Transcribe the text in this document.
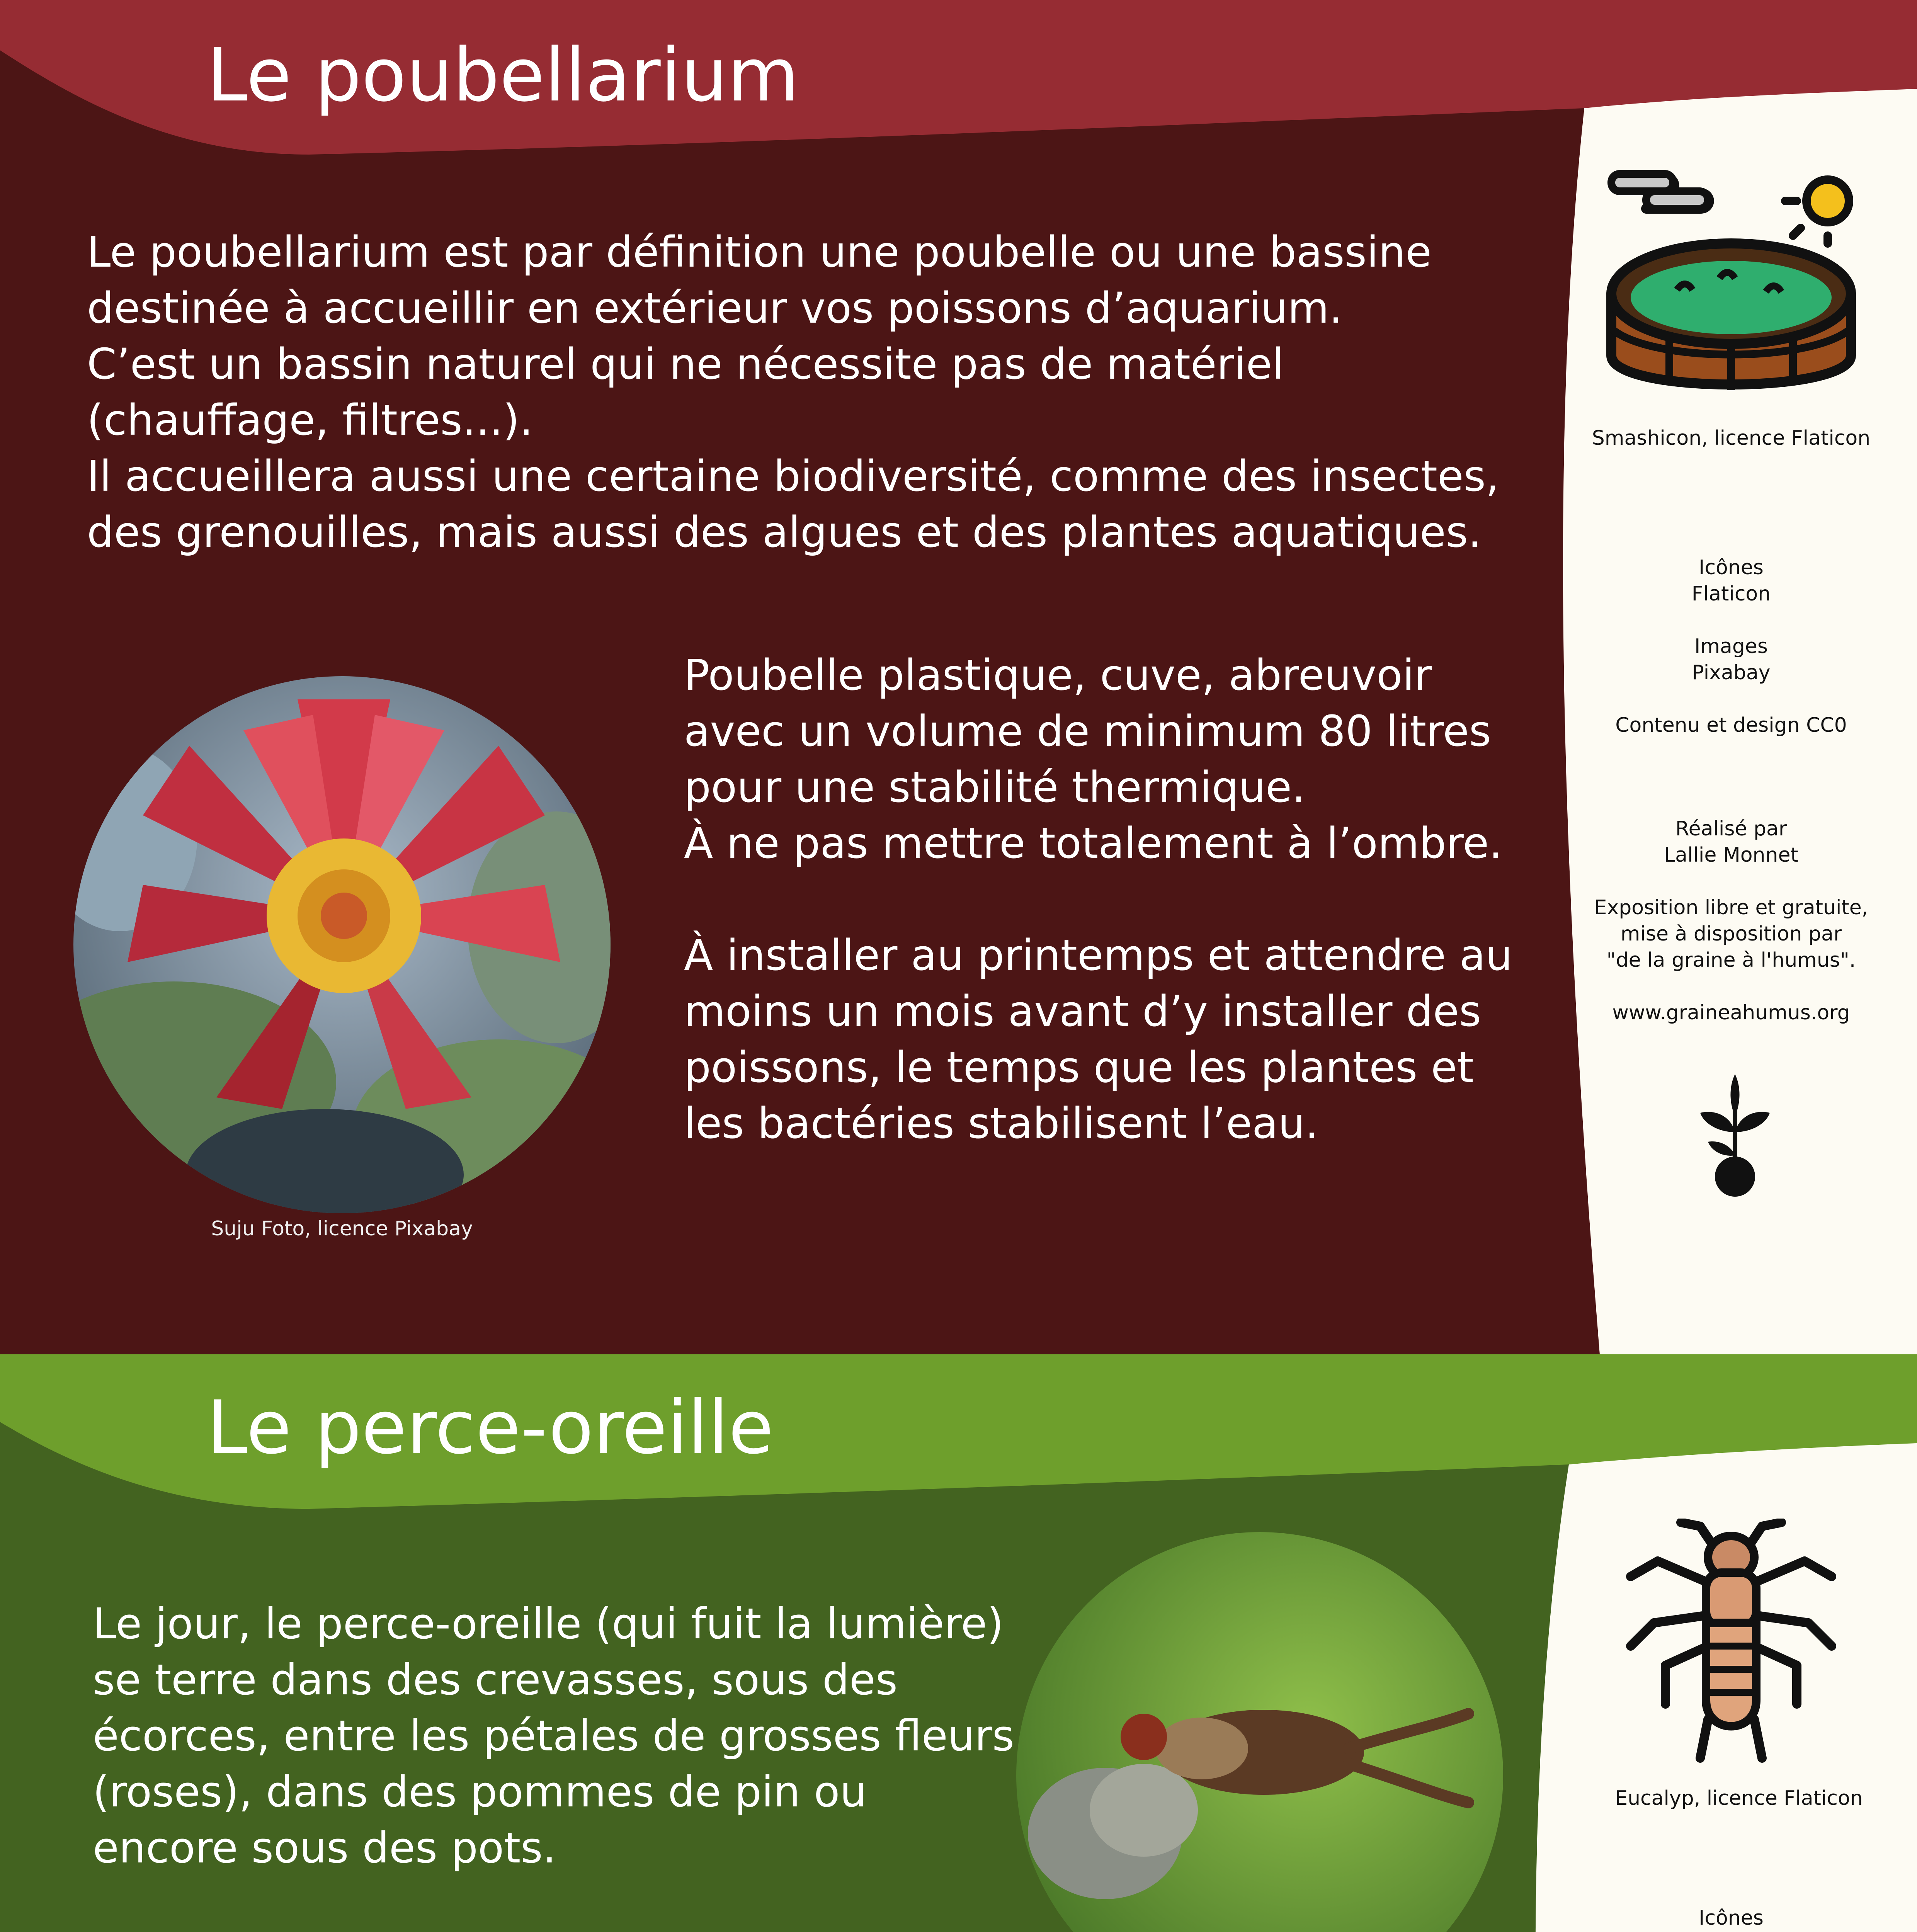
Le poubellarium

Le poubellarium est par définition une poubelle ou une bassine destinée à accueillir en extérieur vos poissons d’aquarium.

C’est un bassin naturel qui ne nécessite pas de matériel (chauffage, filtres...).

Il accueillera aussi une certaine biodiversité, comme des insectes, des grenouilles, mais aussi des algues et des plantes aquatiques.

Suju Foto, licence Pixabay

Poubelle plastique, cuve, abreuvoir avec un volume de minimum 80 litres pour une stabilité thermique.

À ne pas mettre totalement à l’ombre.

À installer au printemps et attendre au moins un mois avant d’y installer des poissons, le temps que les plantes et les bactéries stabilisent l’eau.

Smashicon, licence Flaticon

Icônes

Flaticon

Images

Pixabay

Contenu et design CC0

Réalisé par

Lallie Monnet

Exposition libre et gratuite,

mise à disposition par

"de la graine à l'humus".

www.graineahumus.org

Le perce-oreille

Le jour, le perce-oreille (qui fuit la lumière) se terre dans des crevasses, sous des écorces, entre les pétales de grosses fleurs (roses), dans des pommes de pin ou encore sous des pots.

Eucalyp, licence Flaticon

Icônes
